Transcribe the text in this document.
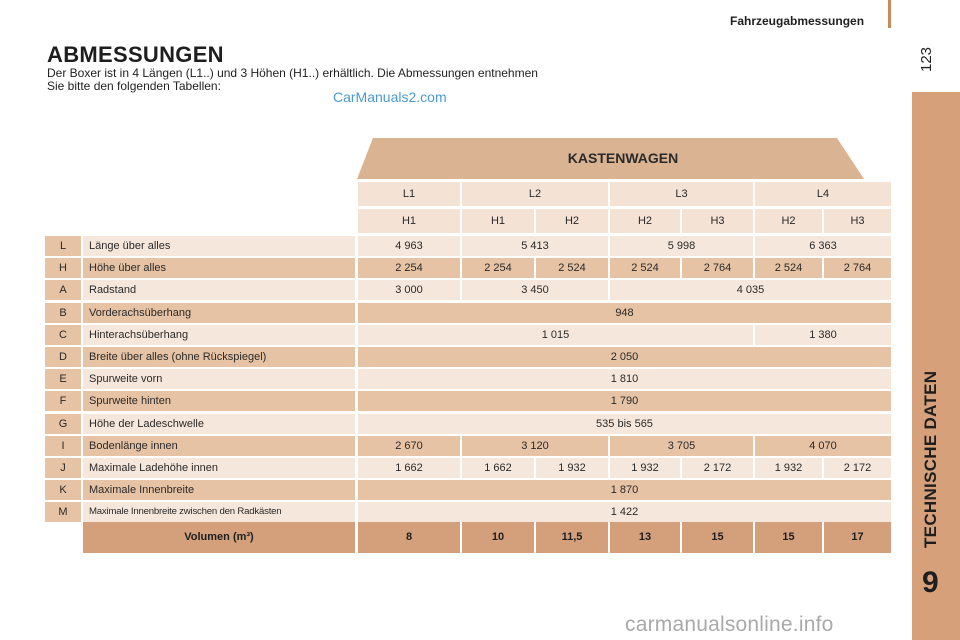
Fahrzeugabmessungen
123
TECHNISCHE DATEN
9
ABMESSUNGEN
Der Boxer ist in 4 Längen (L1..) und 3 Höhen (H1..) erhältlich. Die Abmessungen entnehmen
Sie bitte den folgenden Tabellen:
CarManuals2.com
KASTENWAGEN
L1	L2	L3	L4
H1	H1	H2	H2	H3	H2	H3
L	Länge über alles	4 963	5 413	5 998	6 363
H	Höhe über alles	2 254	2 254	2 524	2 524	2 764	2 524	2 764
A	Radstand	3 000	3 450	4 035
B	Vorderachsüberhang	948
C	Hinterachsüberhang	1 015	1 380
D	Breite über alles (ohne Rückspiegel)	2 050
E	Spurweite vorn	1 810
F	Spurweite hinten	1 790
G	Höhe der Ladeschwelle	535 bis 565
I	Bodenlänge innen	2 670	3 120	3 705	4 070
J	Maximale Ladehöhe innen	1 662	1 662	1 932	1 932	2 172	1 932	2 172
K	Maximale Innenbreite	1 870
M	Maximale Innenbreite zwischen den Radkästen	1 422
Volumen (m³)	8	10	11,5	13	15	15	17
carmanualsonline.info
